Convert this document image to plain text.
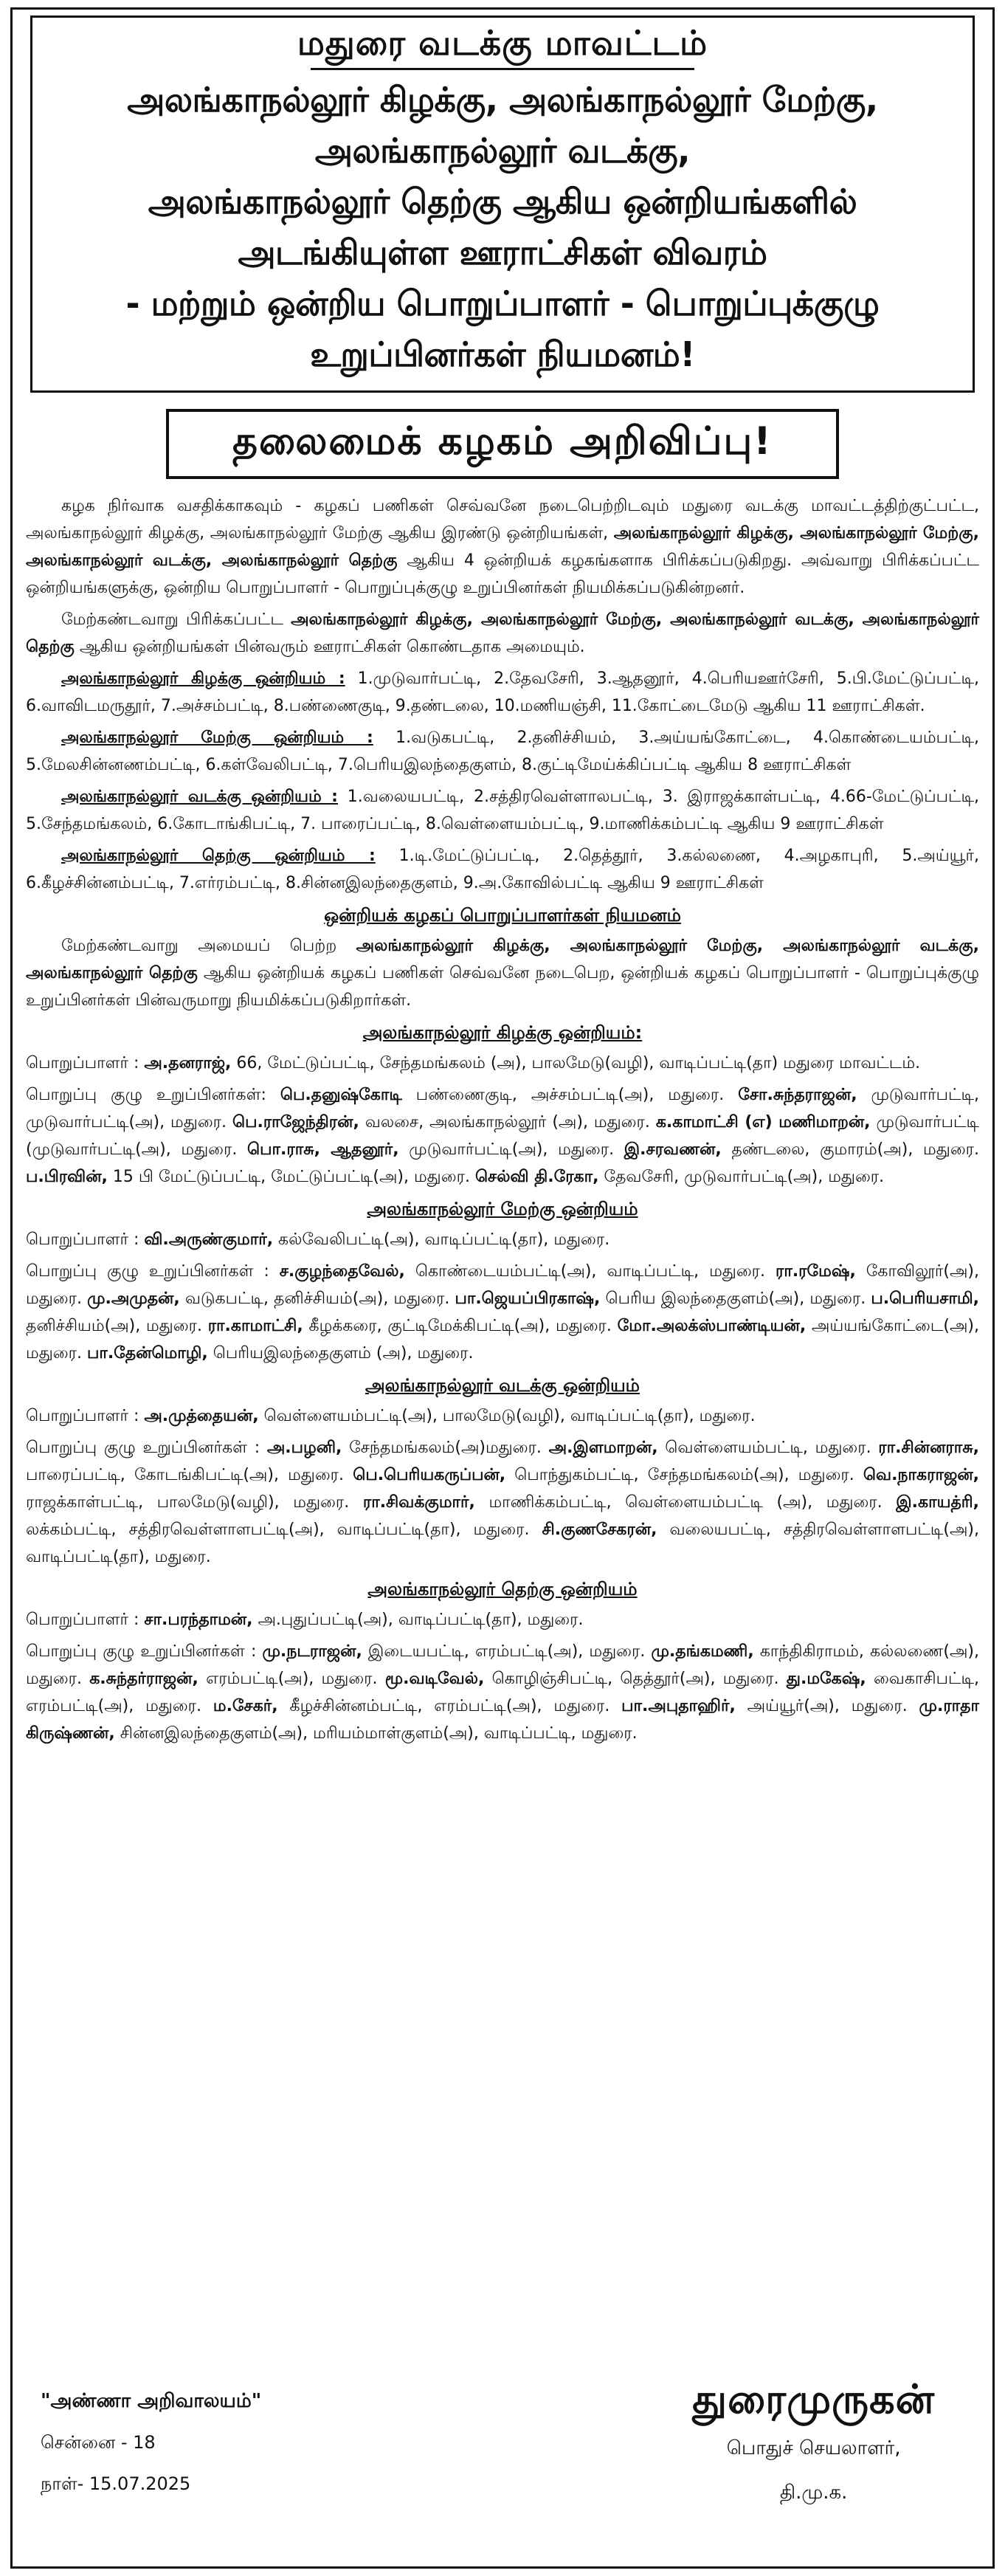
மதுரை வடக்கு மாவட்டம்
அலங்காநல்லூர் கிழக்கு, அலங்காநல்லூர் மேற்கு, அலங்காநல்லூர் வடக்கு,
அலங்காநல்லூர் தெற்கு ஆகிய ஒன்றியங்களில் அடங்கியுள்ள ஊராட்சிகள் விவரம்
- மற்றும் ஒன்றிய பொறுப்பாளர் - பொறுப்புக்குழு உறுப்பினர்கள் நியமனம்!
தலைமைக் கழகம் அறிவிப்பு!

கழக நிர்வாக வசதிக்காகவும் - கழகப் பணிகள் செவ்வனே நடைபெற்றிடவும் மதுரை வடக்கு மாவட்டத்திற்குட்பட்ட, அலங்காநல்லூர் கிழக்கு, அலங்காநல்லூர் மேற்கு ஆகிய இரண்டு ஒன்றியங்கள், அலங்காநல்லூர் கிழக்கு, அலங்காநல்லூர் மேற்கு, அலங்காநல்லூர் வடக்கு, அலங்காநல்லூர் தெற்கு ஆகிய 4 ஒன்றியக் கழகங்களாக பிரிக்கப்படுகிறது. அவ்வாறு பிரிக்கப்பட்ட ஒன்றியங்களுக்கு, ஒன்றிய பொறுப்பாளர் - பொறுப்புக்குழு உறுப்பினர்கள் நியமிக்கப்படுகின்றனர்.

மேற்கண்டவாறு பிரிக்கப்பட்ட அலங்காநல்லூர் கிழக்கு, அலங்காநல்லூர் மேற்கு, அலங்காநல்லூர் வடக்கு, அலங்காநல்லூர் தெற்கு ஆகிய ஒன்றியங்கள் பின்வரும் ஊராட்சிகள் கொண்டதாக அமையும்.

அலங்காநல்லூர் கிழக்கு ஒன்றியம் : 1.முடுவார்பட்டி, 2.தேவசேரி, 3.ஆதனூர், 4.பெரியஊர்சேரி, 5.பி.மேட்டுப்பட்டி, 6.வாவிடமருதூர், 7.அச்சம்பட்டி, 8.பண்ணைகுடி, 9.தண்டலை, 10.மணியஞ்சி, 11.கோட்டைமேடு ஆகிய 11 ஊராட்சிகள்.

அலங்காநல்லூர் மேற்கு ஒன்றியம் : 1.வடுகபட்டி, 2.தனிச்சியம், 3.அய்யங்கோட்டை, 4.கொண்டையம்பட்டி, 5.மேலசின்னணம்பட்டி, 6.கள்வேலிபட்டி, 7.பெரியஇலந்தைகுளம், 8.குட்டிமேய்க்கிப்பட்டி ஆகிய 8 ஊராட்சிகள்

அலங்காநல்லூர் வடக்கு ஒன்றியம் : 1.வலையபட்டி, 2.சத்திரவெள்ளாலபட்டி, 3. இராஜக்காள்பட்டி, 4.66-மேட்டுப்பட்டி, 5.சேந்தமங்கலம், 6.கோடாங்கிபட்டி, 7. பாரைப்பட்டி, 8.வெள்ளையம்பட்டி, 9.மாணிக்கம்பட்டி ஆகிய 9 ஊராட்சிகள்

அலங்காநல்லூர் தெற்கு ஒன்றியம் : 1.டி.மேட்டுப்பட்டி, 2.தெத்தூர், 3.கல்லணை, 4.அழகாபுரி, 5.அய்யூர், 6.கீழச்சின்னம்பட்டி, 7.எர்ரம்பட்டி, 8.சின்னஇலந்தைகுளம், 9.அ.கோவில்பட்டி ஆகிய 9 ஊராட்சிகள்

ஒன்றியக் கழகப் பொறுப்பாளர்கள் நியமனம்

மேற்கண்டவாறு அமையப் பெற்ற அலங்காநல்லூர் கிழக்கு, அலங்காநல்லூர் மேற்கு, அலங்காநல்லூர் வடக்கு, அலங்காநல்லூர் தெற்கு ஆகிய ஒன்றியக் கழகப் பணிகள் செவ்வனே நடைபெற, ஒன்றியக் கழகப் பொறுப்பாளர் - பொறுப்புக்குழு உறுப்பினர்கள் பின்வருமாறு நியமிக்கப்படுகிறார்கள்.

அலங்காநல்லூர் கிழக்கு ஒன்றியம்:

பொறுப்பாளர் : அ.தனராஜ், 66, மேட்டுப்பட்டி, சேந்தமங்கலம் (அ), பாலமேடு(வழி), வாடிப்பட்டி(தா) மதுரை மாவட்டம்.

பொறுப்பு குழு உறுப்பினர்கள்: பெ.தனுஷ்கோடி பண்ணைகுடி, அச்சம்பட்டி(அ), மதுரை. சோ.சுந்தராஜன், முடுவார்பட்டி, முடுவார்பட்டி(அ), மதுரை. பெ.ராஜேந்திரன், வலசை, அலங்காநல்லூர் (அ), மதுரை. க.காமாட்சி (எ) மணிமாறன், முடுவார்பட்டி (முடுவார்பட்டி(அ), மதுரை. பொ.ராசு, ஆதனூர், முடுவார்பட்டி(அ), மதுரை. இ.சரவணன், தண்டலை, குமாரம்(அ), மதுரை. ப.பிரவின், 15 பி மேட்டுப்பட்டி, மேட்டுப்பட்டி(அ), மதுரை. செல்வி தி.ரேகா, தேவசேரி, முடுவார்பட்டி(அ), மதுரை.

அலங்காநல்லூர் மேற்கு ஒன்றியம்

பொறுப்பாளர் : வி.அருண்குமார், கல்வேலிபட்டி(அ), வாடிப்பட்டி(தா), மதுரை.

பொறுப்பு குழு உறுப்பினர்கள் : ச.குழந்தைவேல், கொண்டையம்பட்டி(அ), வாடிப்பட்டி, மதுரை. ரா.ரமேஷ், கோவிலூர்(அ), மதுரை. மு.அமுதன், வடுகபட்டி, தனிச்சியம்(அ), மதுரை. பா.ஜெயப்பிரகாஷ், பெரிய இலந்தைகுளம்(அ), மதுரை. ப.பெரியசாமி, தனிச்சியம்(அ), மதுரை. ரா.காமாட்சி, கீழக்கரை, குட்டிமேக்கிபட்டி(அ), மதுரை. மோ.அலக்ஸ்பாண்டியன், அய்யங்கோட்டை(அ), மதுரை. பா.தேன்மொழி, பெரியஇலந்தைகுளம் (அ), மதுரை.

அலங்காநல்லூர் வடக்கு ஒன்றியம்

பொறுப்பாளர் : அ.முத்தையன், வெள்ளையம்பட்டி(அ), பாலமேடு(வழி), வாடிப்பட்டி(தா), மதுரை.

பொறுப்பு குழு உறுப்பினர்கள் : அ.பழனி, சேந்தமங்கலம்(அ)மதுரை. அ.இளமாறன், வெள்ளையம்பட்டி, மதுரை. ரா.சின்னராசு, பாரைப்பட்டி, கோடங்கிபட்டி(அ), மதுரை. பெ.பெரியகருப்பன், பொந்துகம்பட்டி, சேந்தமங்கலம்(அ), மதுரை. வெ.நாகராஜன், ராஜக்காள்பட்டி, பாலமேடு(வழி), மதுரை. ரா.சிவக்குமார், மாணிக்கம்பட்டி, வெள்ளையம்பட்டி (அ), மதுரை. இ.காயத்ரி, லக்கம்பட்டி, சத்திரவெள்ளாளபட்டி(அ), வாடிப்பட்டி(தா), மதுரை. சி.குணசேகரன், வலையபட்டி, சத்திரவெள்ளாளபட்டி(அ), வாடிப்பட்டி(தா), மதுரை.

அலங்காநல்லூர் தெற்கு ஒன்றியம்

பொறுப்பாளர் : சா.பரந்தாமன், அ.புதுப்பட்டி(அ), வாடிப்பட்டி(தா), மதுரை.

பொறுப்பு குழு உறுப்பினர்கள் : மு.நடராஜன், இடையபட்டி, எரம்பட்டி(அ), மதுரை. மு.தங்கமணி, காந்திகிராமம், கல்லணை(அ), மதுரை. க.சுந்தர்ராஜன், எரம்பட்டி(அ), மதுரை. மூ.வடிவேல், கொழிஞ்சிபட்டி, தெத்தூர்(அ), மதுரை. து.மகேஷ், வைகாசிபட்டி, எரம்பட்டி(அ), மதுரை. ம.சேகர், கீழச்சின்னம்பட்டி, எரம்பட்டி(அ), மதுரை. பா.அபுதாஹிர், அய்யூர்(அ), மதுரை. மு.ராதா கிருஷ்ணன், சின்னஇலந்தைகுளம்(அ), மரியம்மாள்குளம்(அ), வாடிப்பட்டி, மதுரை.

"அண்ணா அறிவாலயம்"
சென்னை - 18
நாள்- 15.07.2025
துரைமுருகன்
பொதுச் செயலாளர்,
தி.மு.க.
